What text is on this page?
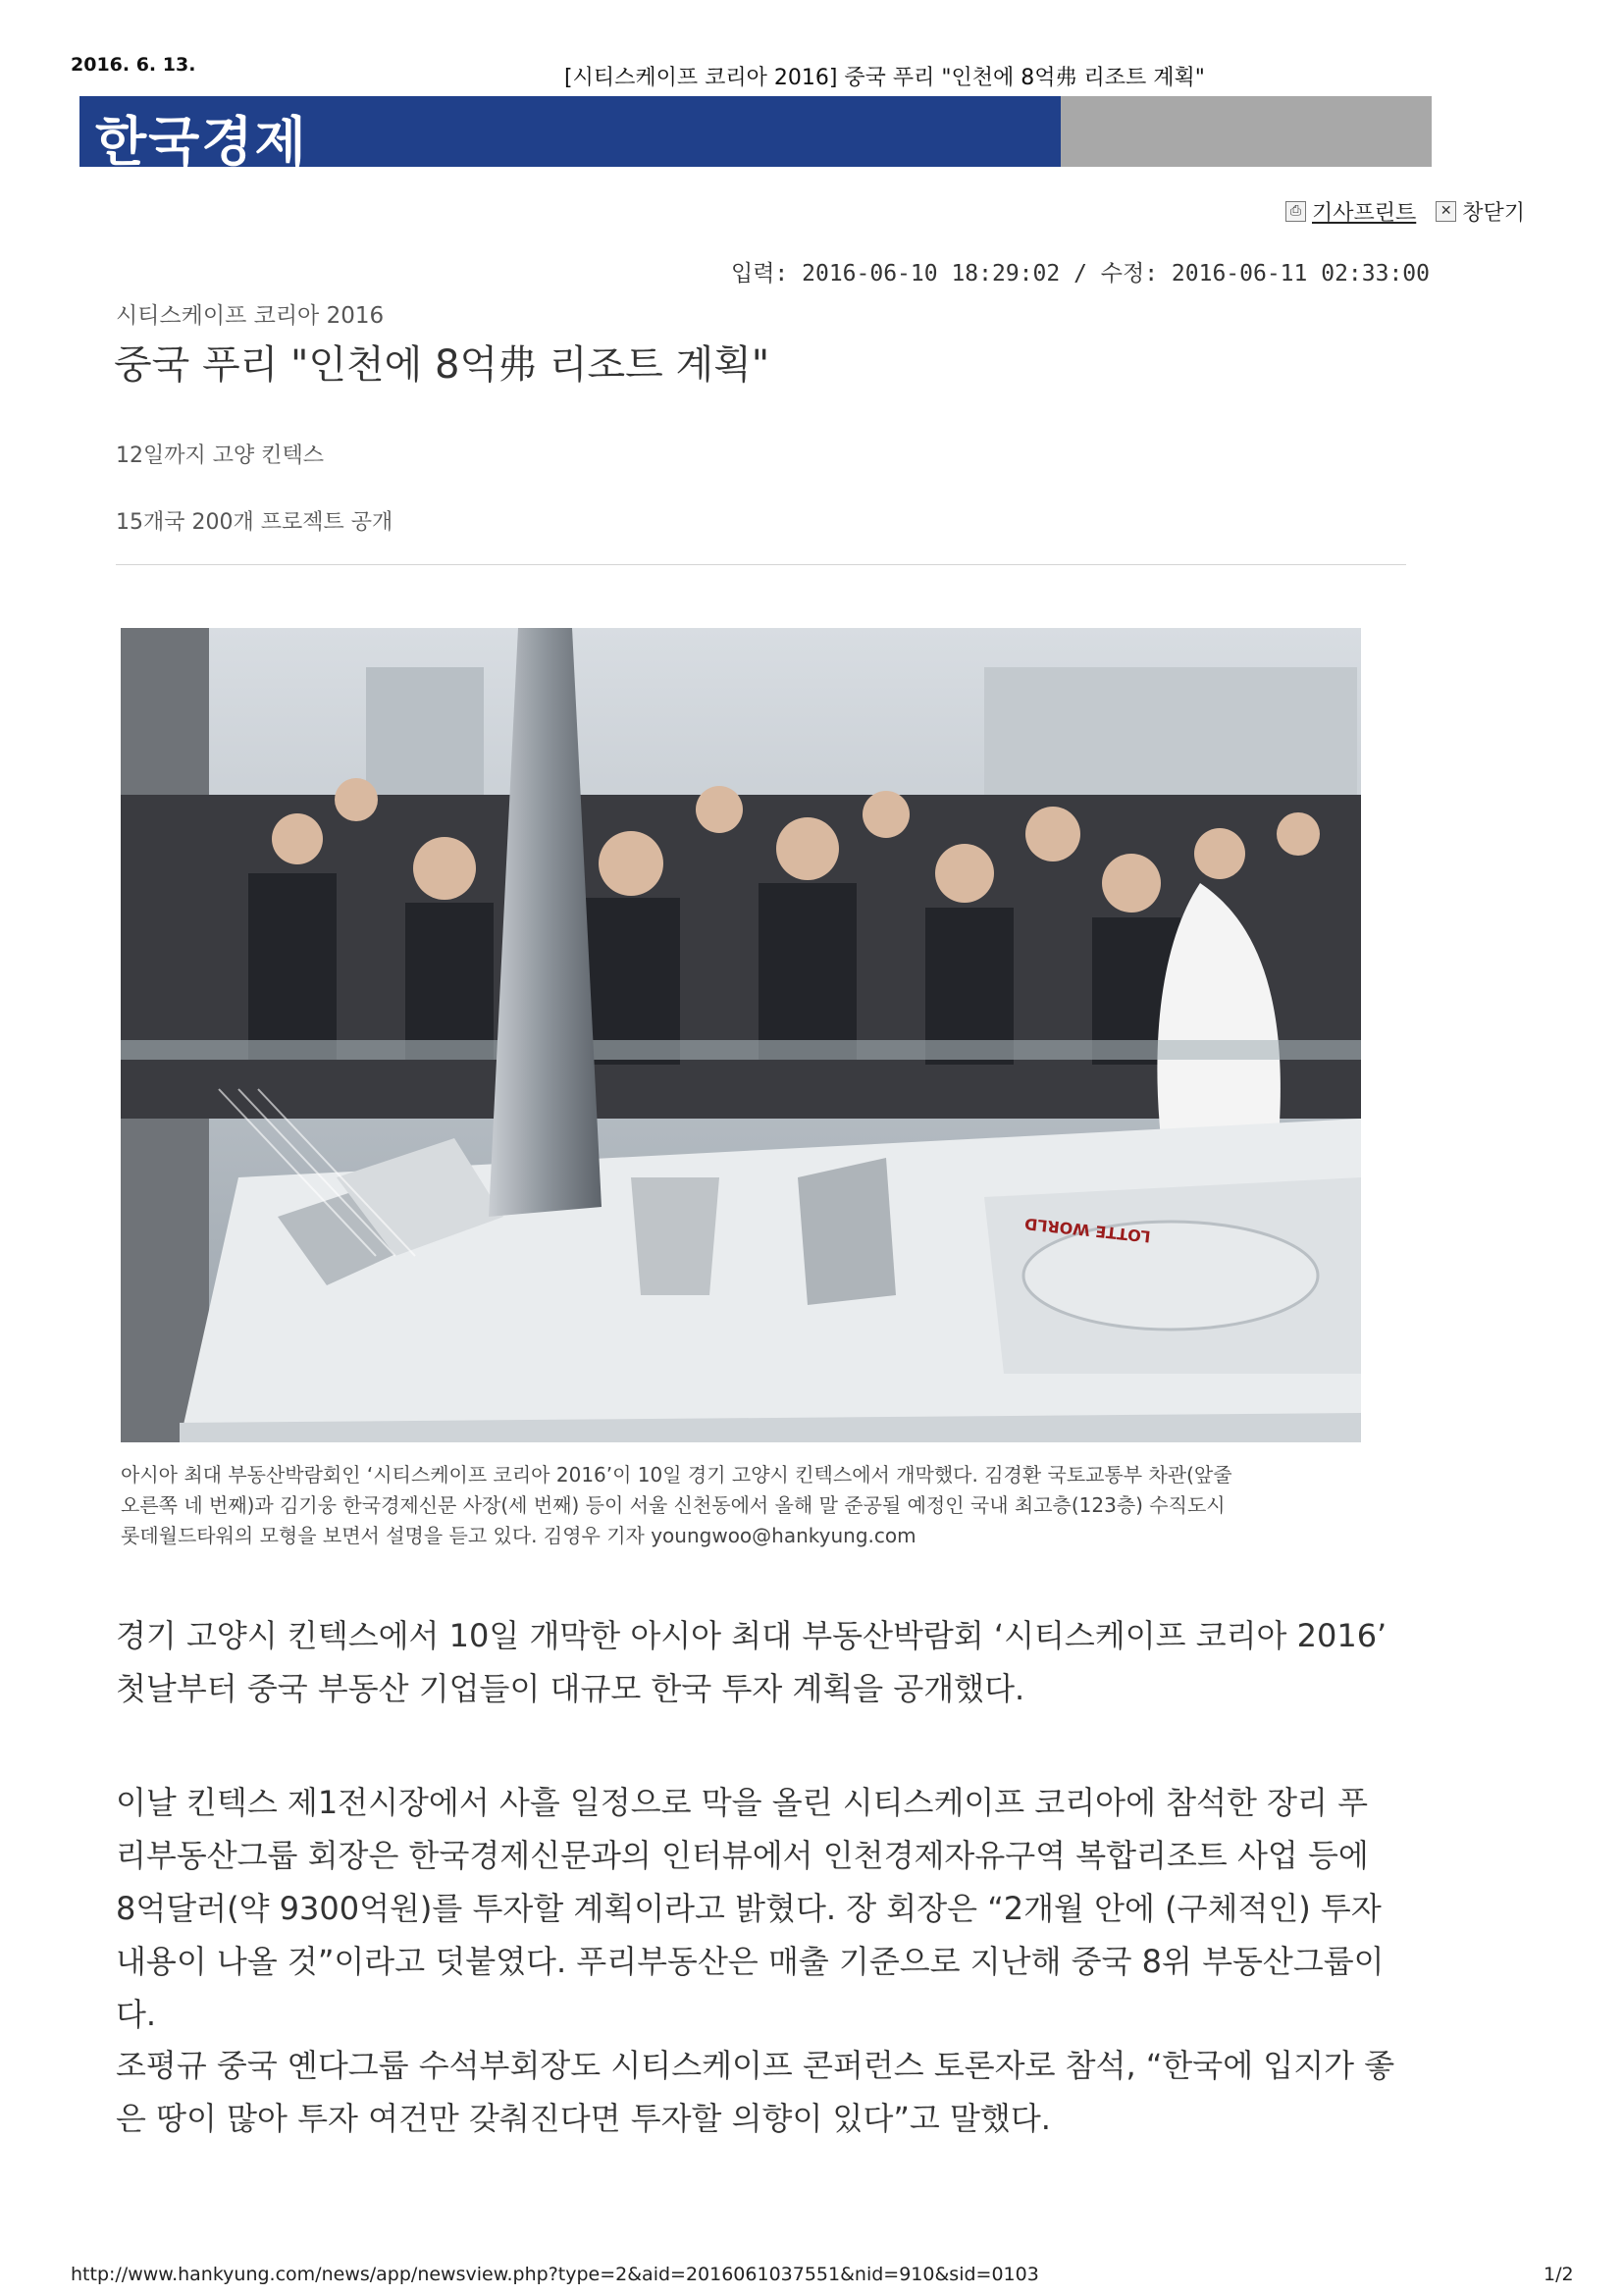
2016. 6. 13.
[시티스케이프 코리아 2016] 중국 푸리 "인천에 8억弗 리조트 계획"
한국경제
⎙ 기사프린트	✕ 창닫기
입력: 2016-06-10 18:29:02 / 수정: 2016-06-11 02:33:00
시티스케이프 코리아 2016
중국 푸리 "인천에 8억弗 리조트 계획"
12일까지 고양 킨텍스
15개국 200개 프로젝트 공개
LOTTE WORLD
아시아 최대 부동산박람회인 ‘시티스케이프 코리아 2016’이 10일 경기 고양시 킨텍스에서 개막했다. 김경환 국토교통부 차관(앞줄 오른쪽 네 번째)과 김기웅 한국경제신문 사장(세 번째) 등이 서울 신천동에서 올해 말 준공될 예정인 국내 최고층(123층) 수직도시 롯데월드타워의 모형을 보면서 설명을 듣고 있다. 김영우 기자 youngwoo@hankyung.com
경기 고양시 킨텍스에서 10일 개막한 아시아 최대 부동산박람회 ‘시티스케이프 코리아 2016’ 첫날부터 중국 부동산 기업들이 대규모 한국 투자 계획을 공개했다.
이날 킨텍스 제1전시장에서 사흘 일정으로 막을 올린 시티스케이프 코리아에 참석한 장리 푸리부동산그룹 회장은 한국경제신문과의 인터뷰에서 인천경제자유구역 복합리조트 사업 등에 8억달러(약 9300억원)를 투자할 계획이라고 밝혔다. 장 회장은 “2개월 안에 (구체적인) 투자 내용이 나올 것”이라고 덧붙였다. 푸리부동산은 매출 기준으로 지난해 중국 8위 부동산그룹이다.
조평규 중국 옌다그룹 수석부회장도 시티스케이프 콘퍼런스 토론자로 참석, “한국에 입지가 좋은 땅이 많아 투자 여건만 갖춰진다면 투자할 의향이 있다”고 말했다.
http://www.hankyung.com/news/app/newsview.php?type=2&aid=2016061037551&nid=910&sid=0103	1/2
